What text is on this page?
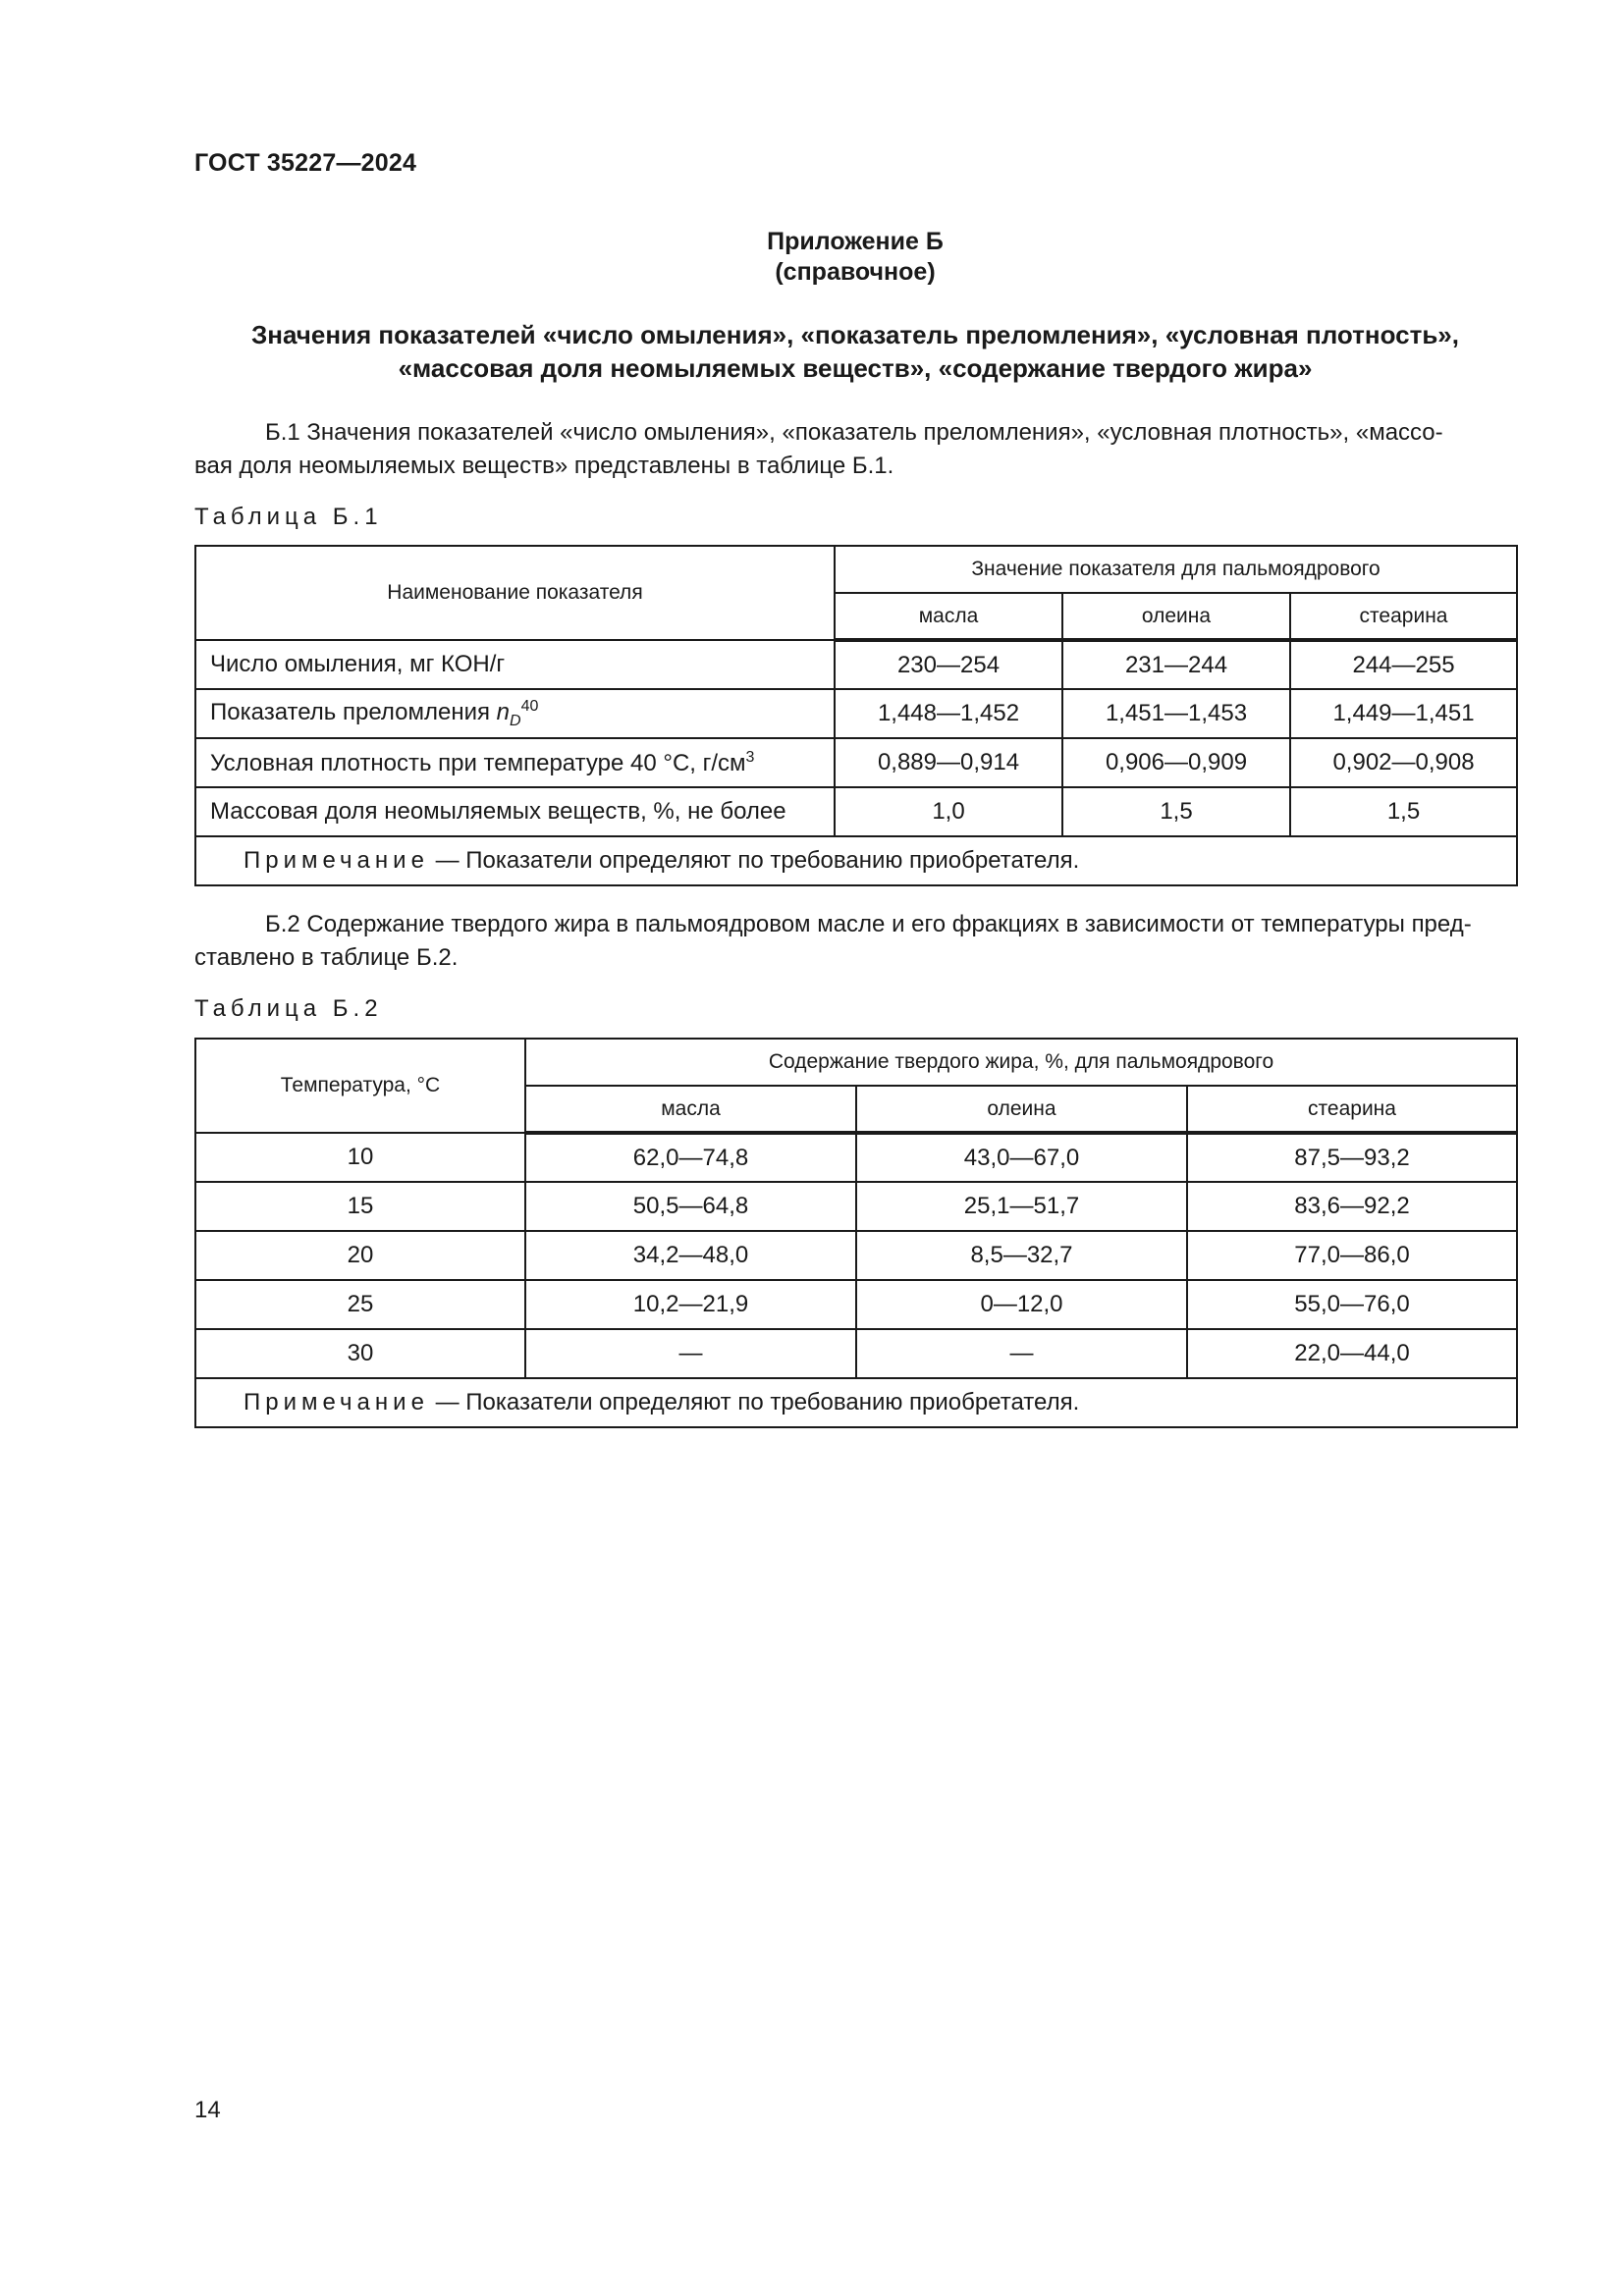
ГОСТ 35227—2024
Приложение Б
(справочное)
Значения показателей «число омыления», «показатель преломления», «условная плотность»,
«массовая доля неомыляемых веществ», «содержание твердого жира»
Б.1 Значения показателей «число омыления», «показатель преломления», «условная плотность», «массо-
вая доля неомыляемых веществ» представлены в таблице Б.1.
Таблица Б.1
Наименование показателя	Значение показателя для пальмоядрового		
	масла	олеина	стеарина
Число омыления, мг КОН/г	230—254	231—244	244—255
Показатель преломления $n_D^{40}$	1,448—1,452	1,451—1,453	1,449—1,451
Условная плотность при температуре 40 °C, $г/см^3$	0,889—0,914	0,906—0,909	0,902—0,908
Массовая доля неомыляемых веществ, %, не более	1,0	1,5	1,5
Примечание — Показатели определяют по требованию приобретателя.			
Б.2 Содержание твердого жира в пальмоядровом масле и его фракциях в зависимости от температуры пред-
ставлено в таблице Б.2.
Таблица Б.2
Температура, °С	Содержание твердого жира, %, для пальмоядрового		
	масла	олеина	стеарина
10	62,0—74,8	43,0—67,0	87,5—93,2
15	50,5—64,8	25,1—51,7	83,6—92,2
20	34,2—48,0	8,5—32,7	77,0—86,0
25	10,2—21,9	0—12,0	55,0—76,0
30	—	—	22,0—44,0
Примечание — Показатели определяют по требованию приобретателя.			
14
